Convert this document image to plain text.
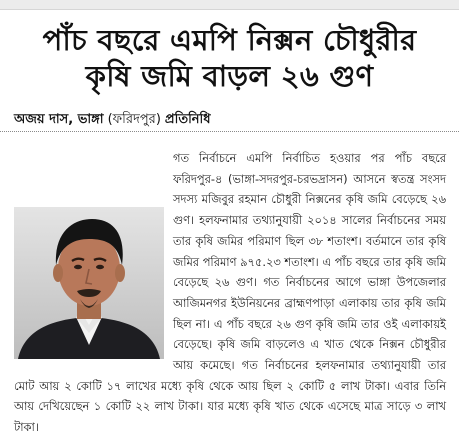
পাঁচ বছরে এমপি নিক্সন চৌধুরীর
কৃষি জমি বাড়ল ২৬ গুণ
অজয় দাস, ভাঙ্গা (ফরিদপুর) প্রতিনিধি

গত নির্বাচনে এমপি নির্বাচিত হওয়ার পর পাঁচ বছরে ফরিদপুর-৪ (ভাঙ্গা-সদরপুর-চরভদ্রাসন) আসনে স্বতন্ত্র সংসদ সদস্য মজিবুর রহমান চৌধুরী নিক্সনের কৃষি জমি বেড়েছে ২৬ গুণ। হলফনামার তথ্যানুযায়ী ২০১৪ সালের নির্বাচনের সময় তার কৃষি জমির পরিমাণ ছিল ৩৮ শতাংশ। বর্তমানে তার কৃষি জমির পরিমাণ ৯৭৫.২৩ শতাংশ। এ পাঁচ বছরে তার কৃষি জমি বেড়েছে ২৬ গুণ। গত নির্বাচনের আগে ভাঙ্গা উপজেলার আজিমনগর ইউনিয়নের ব্রাহ্মণপাড়া এলাকায় তার কৃষি জমি ছিল না। এ পাঁচ বছরে ২৬ গুণ কৃষি জমি তার ওই এলাকায়ই বেড়েছে। কৃষি জমি বাড়লেও এ খাত থেকে নিক্সন চৌধুরীর আয় কমেছে। গত নির্বাচনের হলফনামার তথ্যানুযায়ী তার মোট আয় ২ কোটি ১৭ লাখের মধ্যে কৃষি থেকে আয় ছিল ২ কোটি ৫ লাখ টাকা। এবার তিনি আয় দেখিয়েছেন ১ কোটি ২২ লাখ টাকা। যার মধ্যে কৃষি খাত থেকে এসেছে মাত্র সাড়ে ৩ লাখ টাকা।
